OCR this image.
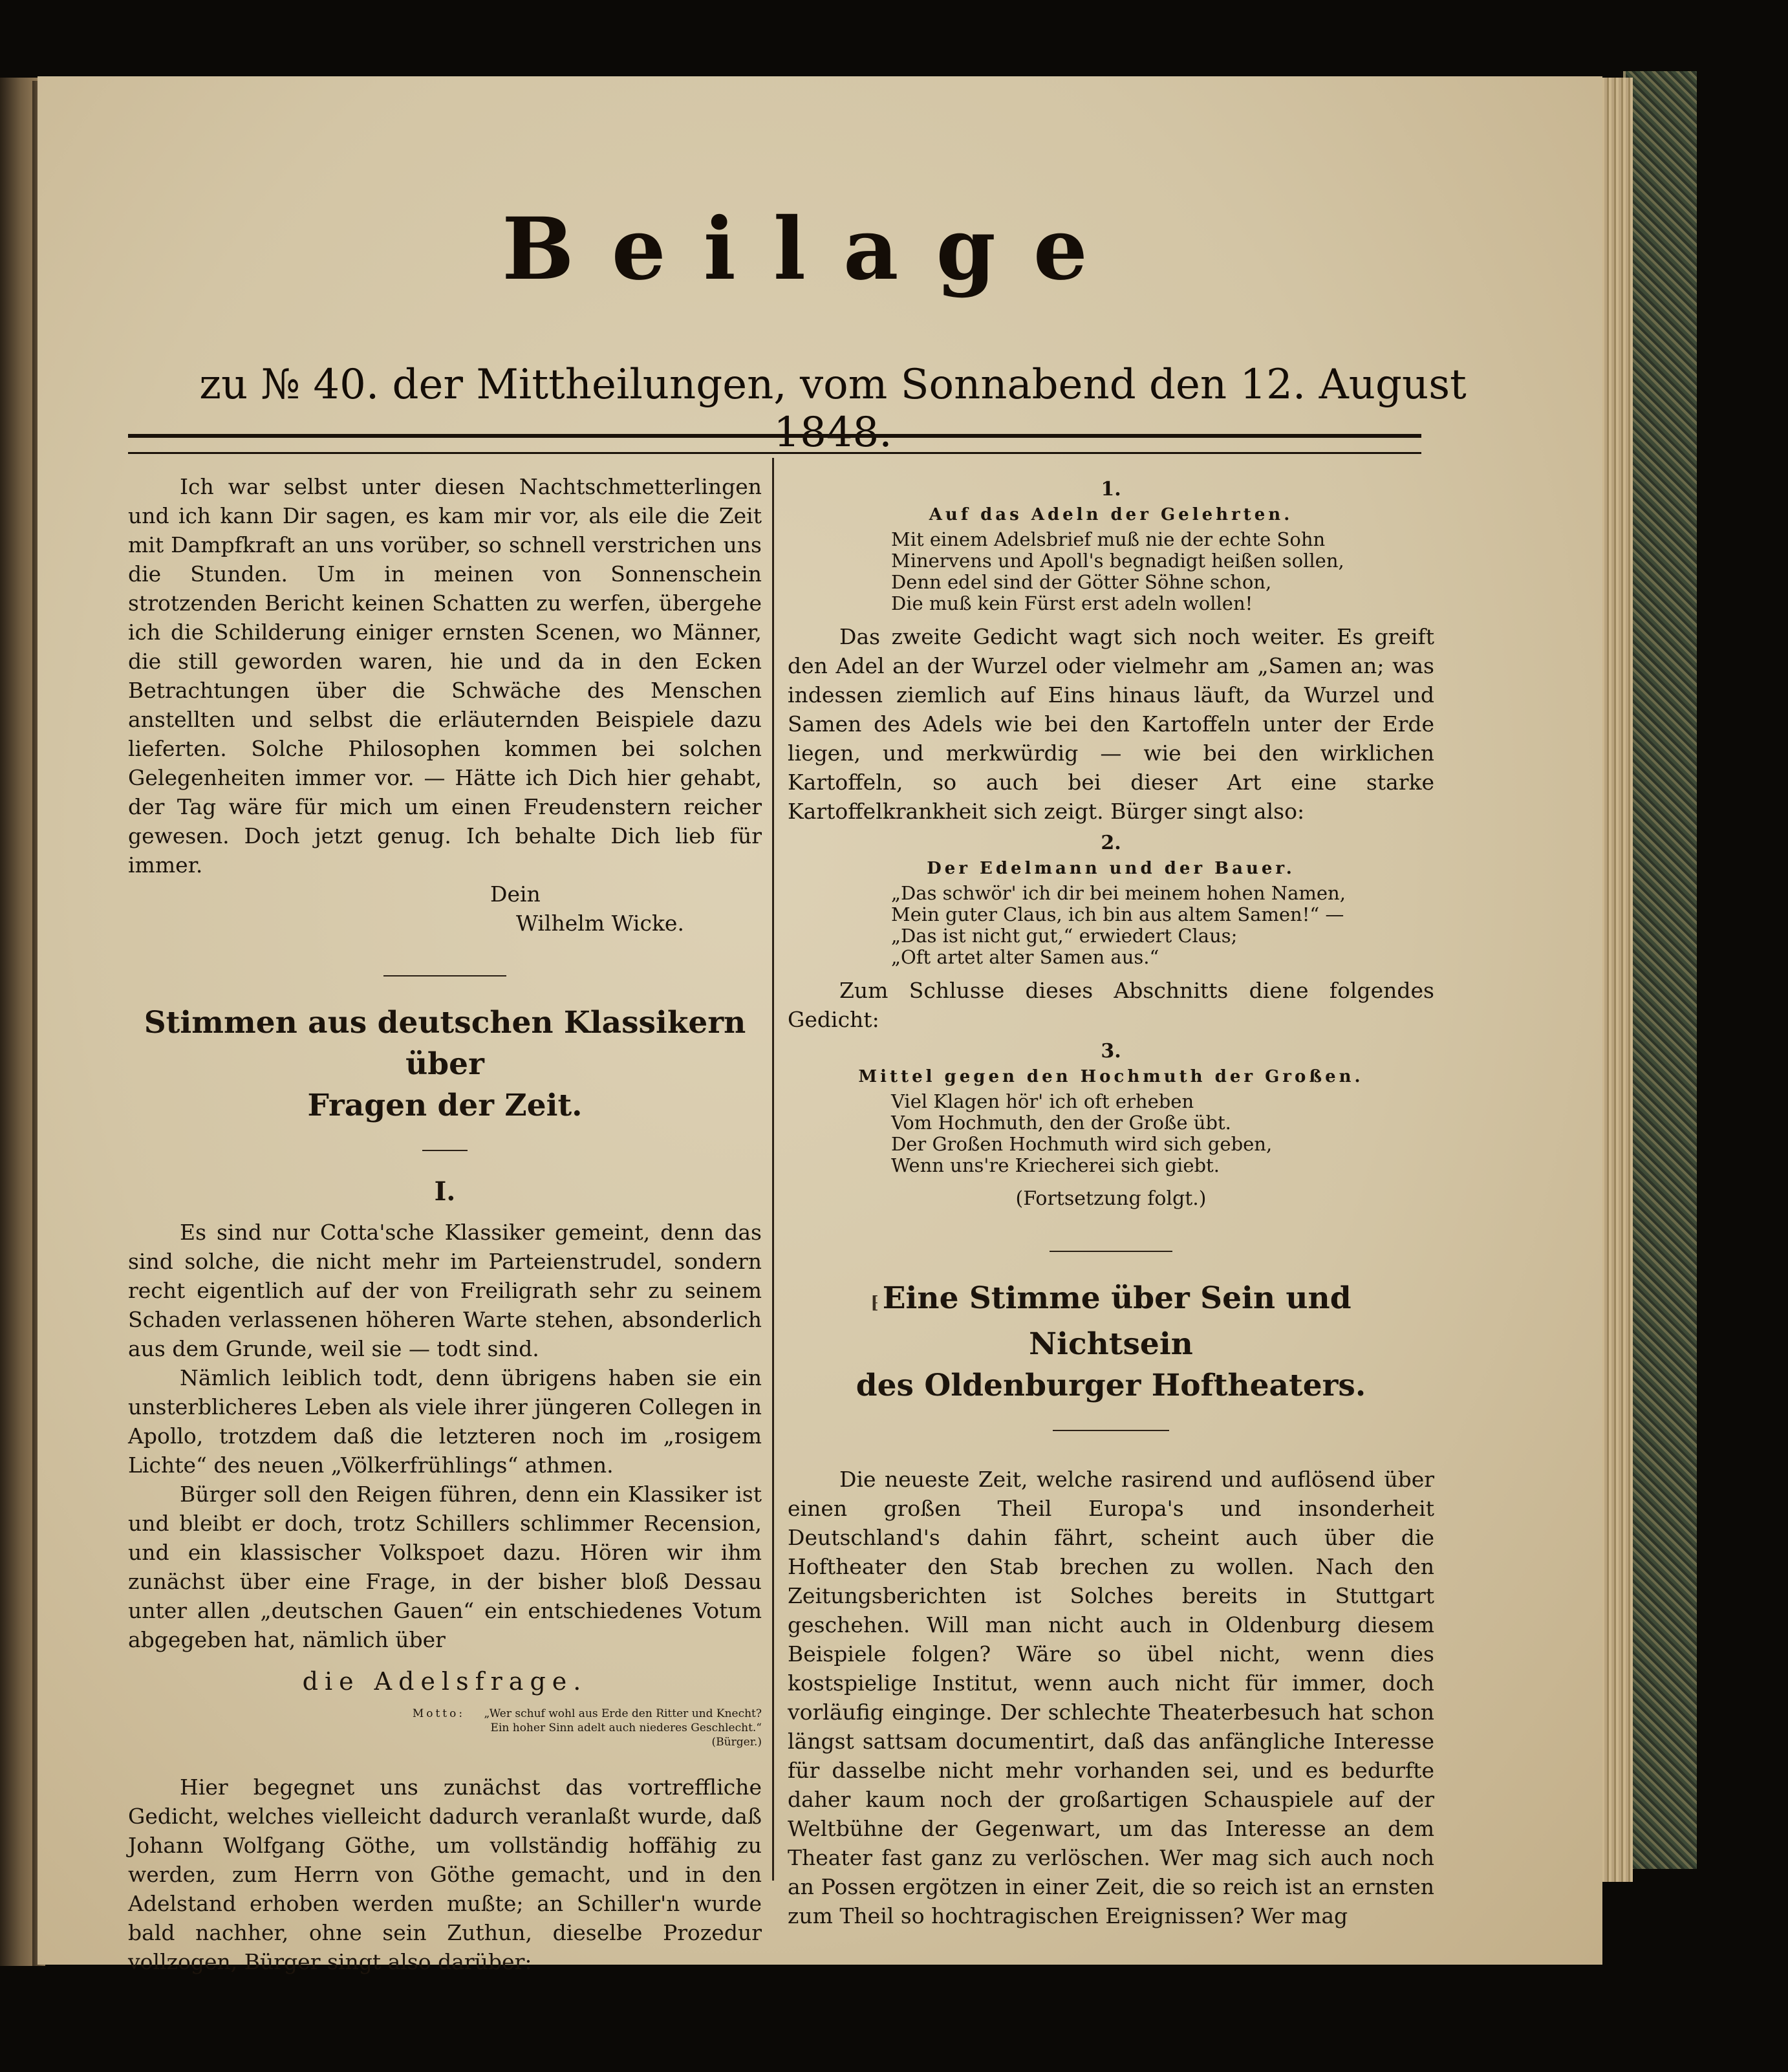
Beilage
zu № 40. der Mittheilungen, vom Sonnabend den 12. August 1848.

Ich war selbst unter diesen Nachtschmetterlingen und ich kann Dir sagen, es kam mir vor, als eile die Zeit mit Dampfkraft an uns vorüber, so schnell verstrichen uns die Stunden. Um in meinen von Sonnenschein strotzenden Bericht keinen Schatten zu werfen, übergehe ich die Schilderung einiger ernsten Scenen, wo Männer, die still geworden waren, hie und da in den Ecken Betrachtungen über die Schwäche des Menschen anstellten und selbst die erläuternden Beispiele dazu lieferten. Solche Philosophen kommen bei solchen Gelegenheiten immer vor. — Hätte ich Dich hier gehabt, der Tag wäre für mich um einen Freudenstern reicher gewesen. Doch jetzt genug. Ich behalte Dich lieb für immer.

Dein
Wilhelm Wicke.
Stimmen aus deutschen Klassikern über
Fragen der Zeit.
I.

Es sind nur Cotta'sche Klassiker gemeint, denn das sind solche, die nicht mehr im Parteienstrudel, sondern recht eigentlich auf der von Freiligrath sehr zu seinem Schaden verlassenen höheren Warte stehen, absonderlich aus dem Grunde, weil sie — todt sind.

Nämlich leiblich todt, denn übrigens haben sie ein unsterblicheres Leben als viele ihrer jüngeren Collegen in Apollo, trotzdem daß die letzteren noch im „rosigem Lichte“ des neuen „Völkerfrühlings“ athmen.

Bürger soll den Reigen führen, denn ein Klassiker ist und bleibt er doch, trotz Schillers schlimmer Recension, und ein klassischer Volkspoet dazu. Hören wir ihm zunächst über eine Frage, in der bisher bloß Dessau unter allen „deutschen Gauen“ ein entschiedenes Votum abgegeben hat, nämlich über

die Adelsfrage.
Motto: „Wer schuf wohl aus Erde den Ritter und Knecht?
Ein hoher Sinn adelt auch niederes Geschlecht.“
(Bürger.)

Hier begegnet uns zunächst das vortreffliche Gedicht, welches vielleicht dadurch veranlaßt wurde, daß Johann Wolfgang Göthe, um vollständig hoffähig zu werden, zum Herrn von Göthe gemacht, und in den Adelstand erhoben werden mußte; an Schiller'n wurde bald nachher, ohne sein Zuthun, dieselbe Prozedur vollzogen, Bürger singt also darüber:

1.
Auf das Adeln der Gelehrten.
Mit einem Adelsbrief muß nie der echte Sohn
Minervens und Apoll's begnadigt heißen sollen,
Denn edel sind der Götter Söhne schon,
Die muß kein Fürst erst adeln wollen!

Das zweite Gedicht wagt sich noch weiter. Es greift den Adel an der Wurzel oder vielmehr am „Samen an; was indessen ziemlich auf Eins hinaus läuft, da Wurzel und Samen des Adels wie bei den Kartoffeln unter der Erde liegen, und merkwürdig — wie bei den wirklichen Kartoffeln, so auch bei dieser Art eine starke Kartoffelkrankheit sich zeigt. Bürger singt also:

2.
Der Edelmann und der Bauer.
„Das schwör' ich dir bei meinem hohen Namen,
Mein guter Claus, ich bin aus altem Samen!“ —
„Das ist nicht gut,“ erwiedert Claus;
„Oft artet alter Samen aus.“

Zum Schlusse dieses Abschnitts diene folgendes Gedicht:

3.
Mittel gegen den Hochmuth der Großen.
Viel Klagen hör' ich oft erheben
Vom Hochmuth, den der Große übt.
Der Großen Hochmuth wird sich geben,
Wenn uns're Kriecherei sich giebt.
(Fortsetzung folgt.)
⁅ Eine Stimme über Sein und Nichtsein
des Oldenburger Hoftheaters.

Die neueste Zeit, welche rasirend und auflösend über einen großen Theil Europa's und insonderheit Deutschland's dahin fährt, scheint auch über die Hoftheater den Stab brechen zu wollen. Nach den Zeitungsberichten ist Solches bereits in Stuttgart geschehen. Will man nicht auch in Oldenburg diesem Beispiele folgen? Wäre so übel nicht, wenn dies kostspielige Institut, wenn auch nicht für immer, doch vorläufig einginge. Der schlechte Theaterbesuch hat schon längst sattsam documentirt, daß das anfängliche Interesse für dasselbe nicht mehr vorhanden sei, und es bedurfte daher kaum noch der großartigen Schauspiele auf der Weltbühne der Gegenwart, um das Interesse an dem Theater fast ganz zu verlöschen. Wer mag sich auch noch an Possen ergötzen in einer Zeit, die so reich ist an ernsten zum Theil so hochtragischen Ereignissen? Wer mag
